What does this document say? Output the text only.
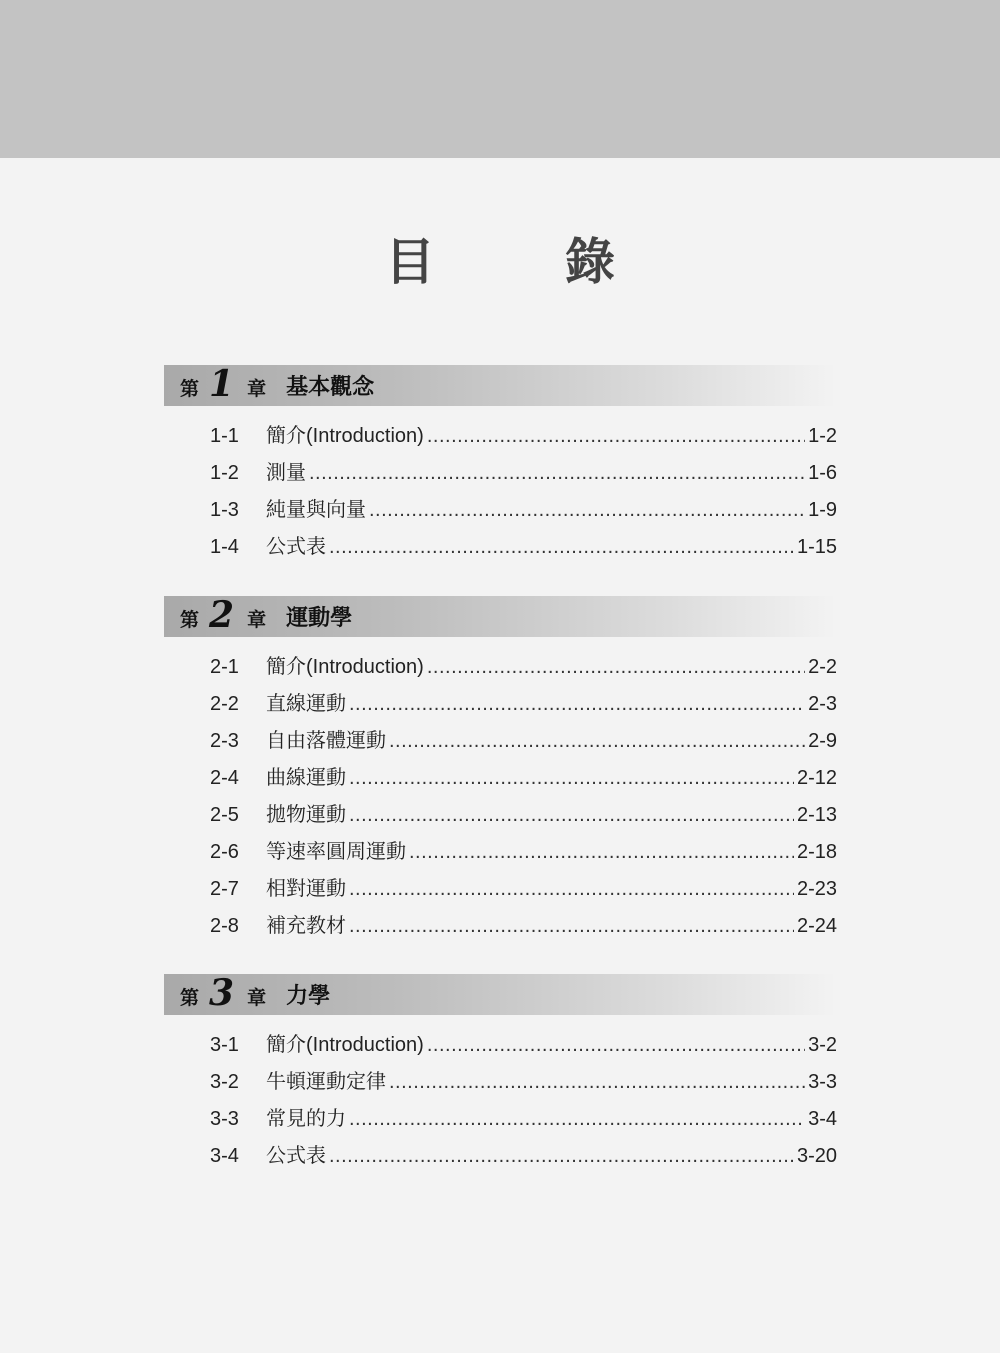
目　錄
第 1 章 基本觀念
1-1	簡介(Introduction) .....	1-2
1-2	測量 .....	1-6
1-3	純量與向量 .....	1-9
1-4	公式表 .....	1-15
第 2 章 運動學
2-1	簡介(Introduction) .....	2-2
2-2	直線運動 .....	2-3
2-3	自由落體運動 .....	2-9
2-4	曲線運動 .....	2-12
2-5	拋物運動 .....	2-13
2-6	等速率圓周運動 .....	2-18
2-7	相對運動 .....	2-23
2-8	補充教材 .....	2-24
第 3 章 力學
3-1	簡介(Introduction) .....	3-2
3-2	牛頓運動定律 .....	3-3
3-3	常見的力 .....	3-4
3-4	公式表 .....	3-20
